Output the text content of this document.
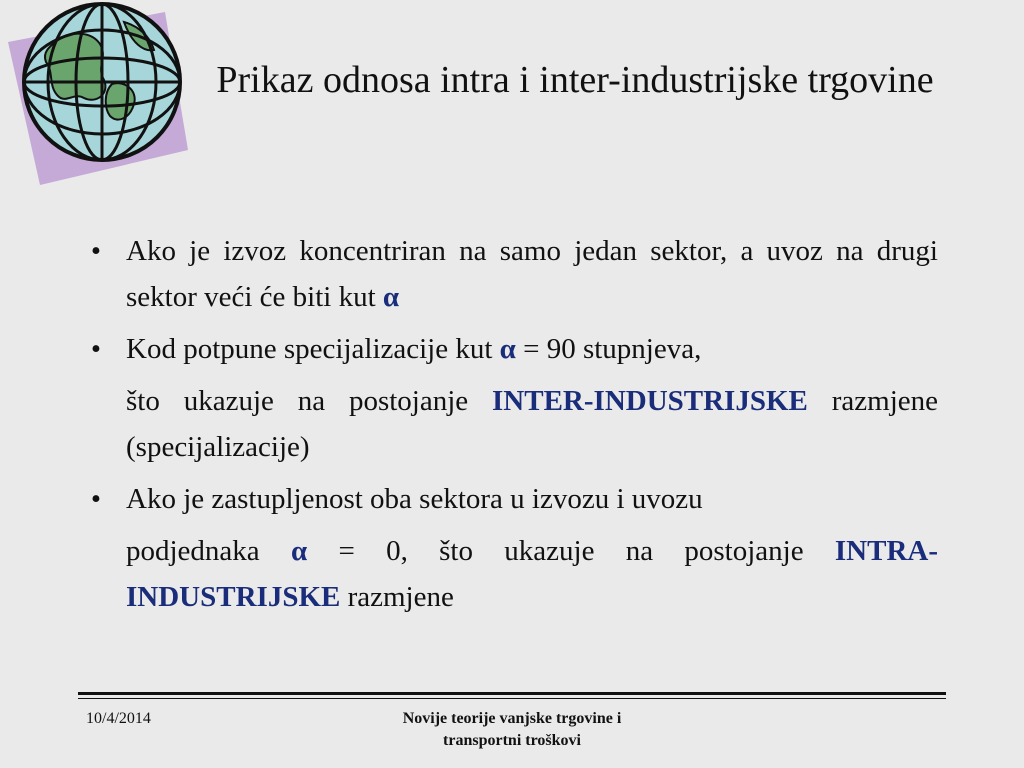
Prikaz odnosa intra i inter-industrijske trgovine
• Ako je izvoz koncentriran na samo jedan sektor, a uvoz na drugi sektor veći će biti kut α
• Kod potpune specijalizacije kut α = 90 stupnjeva,
što ukazuje na postojanje INTER-INDUSTRIJSKE razmjene (specijalizacije)
• Ako je zastupljenost oba sektora u izvozu i uvozu
podjednaka α = 0, što ukazuje na postojanje INTRA-INDUSTRIJSKE razmjene
10/4/2014	Novije teorije vanjske trgovine i
transportni troškovi
